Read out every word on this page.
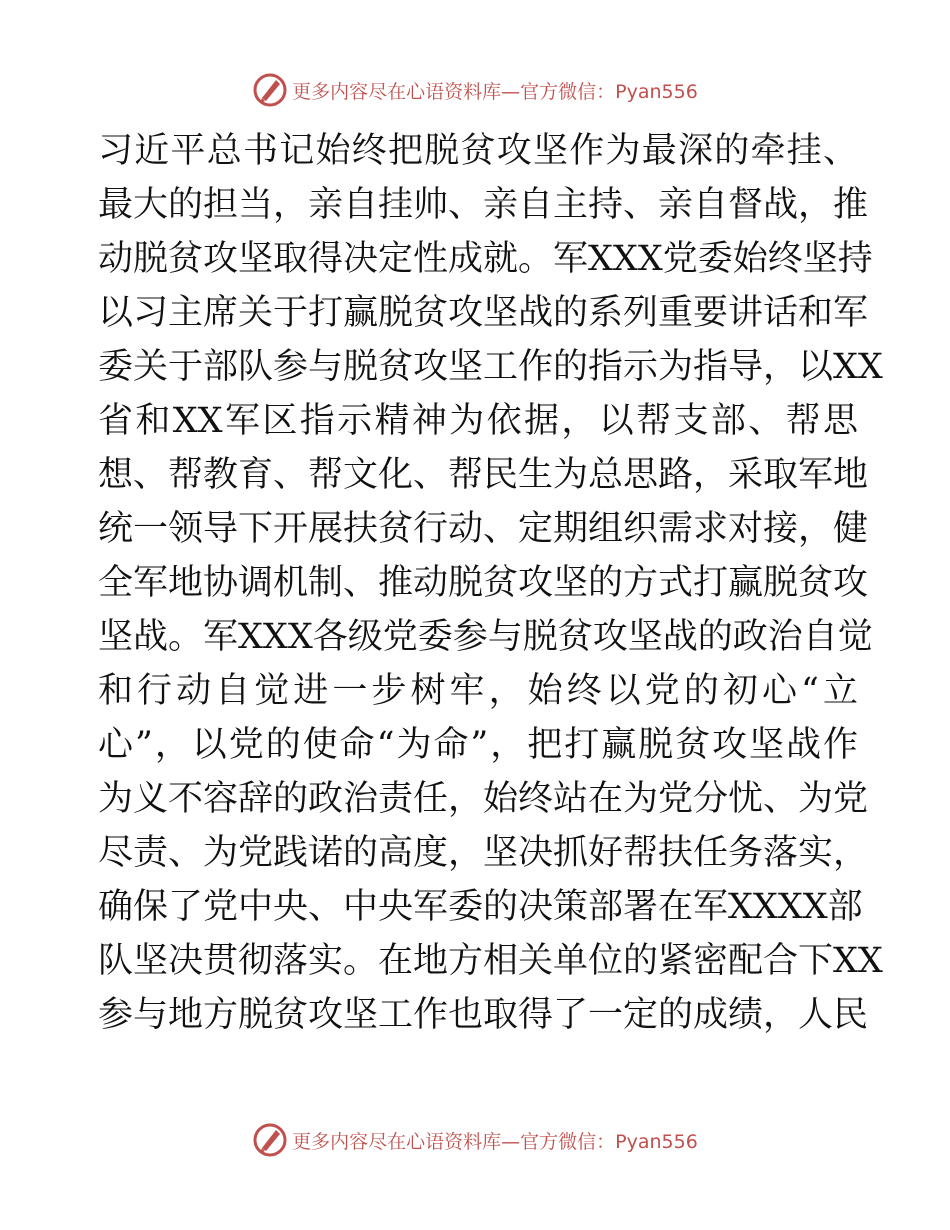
更多内容尽在心语资料库—官方微信：Pyan556
习近平总书记始终把脱贫攻坚作为最深的牵挂、
最大的担当，亲自挂帅、亲自主持、亲自督战，推
动脱贫攻坚取得决定性成就。军XXX党委始终坚持
以习主席关于打赢脱贫攻坚战的系列重要讲话和军
委关于部队参与脱贫攻坚工作的指示为指导，以XX
省和XX军区指示精神为依据，以帮支部、帮思
想、帮教育、帮文化、帮民生为总思路，采取军地
统一领导下开展扶贫行动、定期组织需求对接，健
全军地协调机制、推动脱贫攻坚的方式打赢脱贫攻
坚战。军XXX各级党委参与脱贫攻坚战的政治自觉
和行动自觉进一步树牢，始终以党的初心“立
心”，以党的使命“为命”，把打赢脱贫攻坚战作
为义不容辞的政治责任，始终站在为党分忧、为党
尽责、为党践诺的高度，坚决抓好帮扶任务落实，
确保了党中央、中央军委的决策部署在军XXXX部
队坚决贯彻落实。在地方相关单位的紧密配合下XX
参与地方脱贫攻坚工作也取得了一定的成绩，人民
更多内容尽在心语资料库—官方微信：Pyan556
